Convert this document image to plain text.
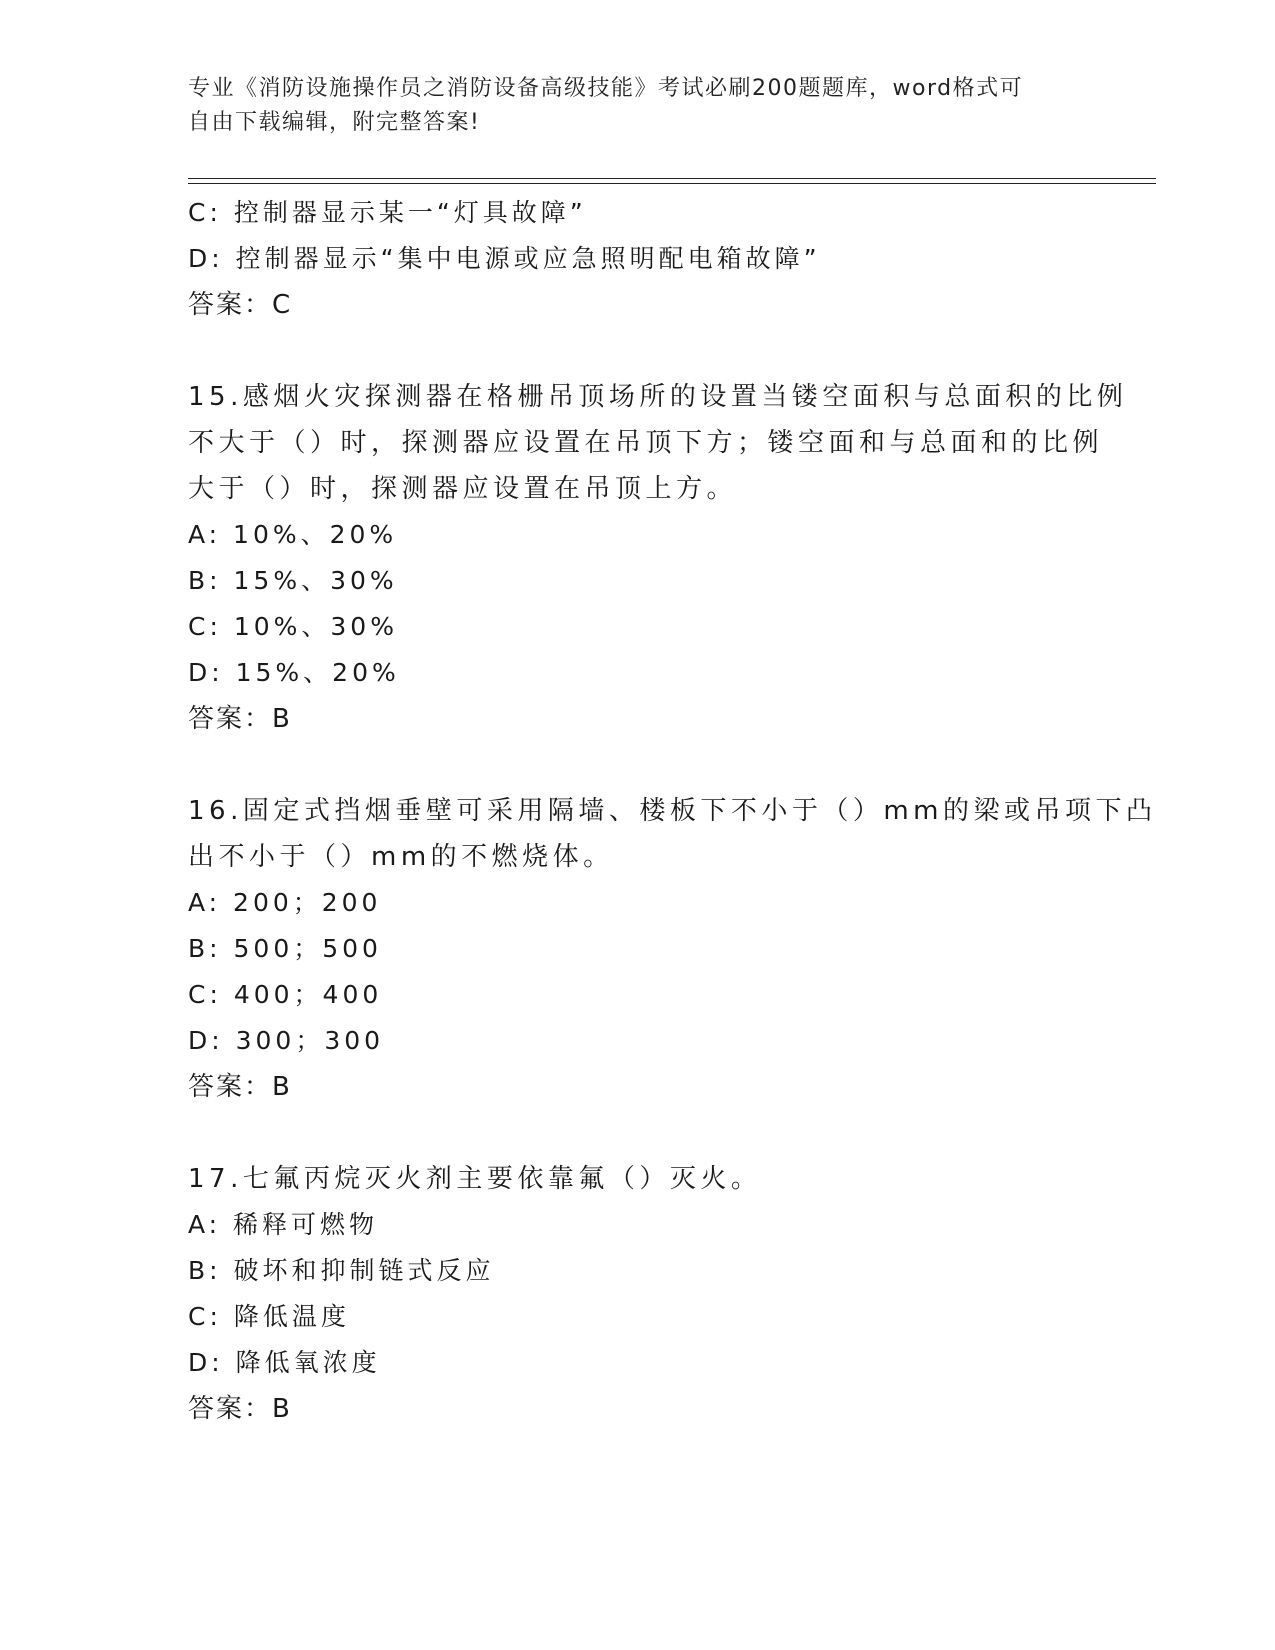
专业《消防设施操作员之消防设备高级技能》考试必刷200题题库，word格式可
自由下载编辑，附完整答案!
C: 控制器显示某一“灯具故障”
D: 控制器显示“集中电源或应急照明配电箱故障”
答案：C
15.感烟火灾探测器在格栅吊顶场所的设置当镂空面积与总面积的比例
不大于（）时，探测器应设置在吊顶下方；镂空面和与总面和的比例
大于（）时，探测器应设置在吊顶上方。
A: 10%、20%
B: 15%、30%
C: 10%、30%
D: 15%、20%
答案：B
16.固定式挡烟垂壁可采用隔墙、楼板下不小于（）mm的梁或吊项下凸
出不小于（）mm的不燃烧体。
A: 200；200
B: 500；500
C: 400；400
D: 300；300
答案：B
17.七氟丙烷灭火剂主要依靠氟（）灭火。
A: 稀释可燃物
B: 破坏和抑制链式反应
C: 降低温度
D: 降低氧浓度
答案：B
